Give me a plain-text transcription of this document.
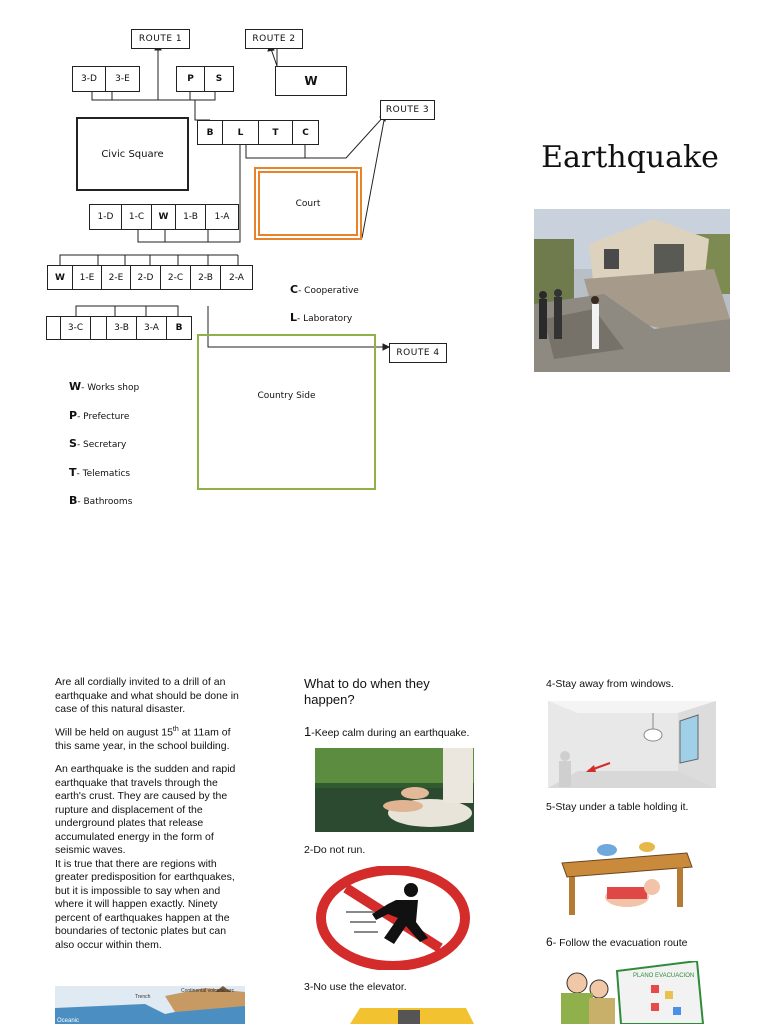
ROUTE 1	ROUTE 2
ROUTE 3
ROUTE 4
3-D	3-E	P	S	W
Civic Square
B	L	T	C
Court
1-D	1-C	W	1-B	1-A
W	1-E	2-E	2-D	2-C	2-B	2-A
3-C	3-B	3-A	B
Country Side
C- Cooperative
L- Laboratory
W- Works shop
P- Prefecture
S- Secretary
T- Telematics
B- Bathrooms
Earthquake

Are all cordially invited to a drill of an earthquake and what should be done in case of this natural disaster.

Will be held on august 15th at 11am of this same year, in the school building.

An earthquake is the sudden and rapid earthquake that travels through the earth's crust. They are caused by the rupture and displacement of the underground plates that release accumulated energy in the form of seismic waves.

It is true that there are regions with greater predisposition for earthquakes, but it is impossible to say when and where it will happen exactly. Ninety percent of earthquakes happen at the boundaries of tectonic plates but can also occur within them.

Trench
Continental volcanic arc
Oceanic
What to do when they happen?
1-Keep calm during an earthquake.
2-Do not run.
3-No use the elevator.
4-Stay away from windows.
5-Stay under a table holding it.
6- Follow the evacuation route
PLANO EVACUACION
